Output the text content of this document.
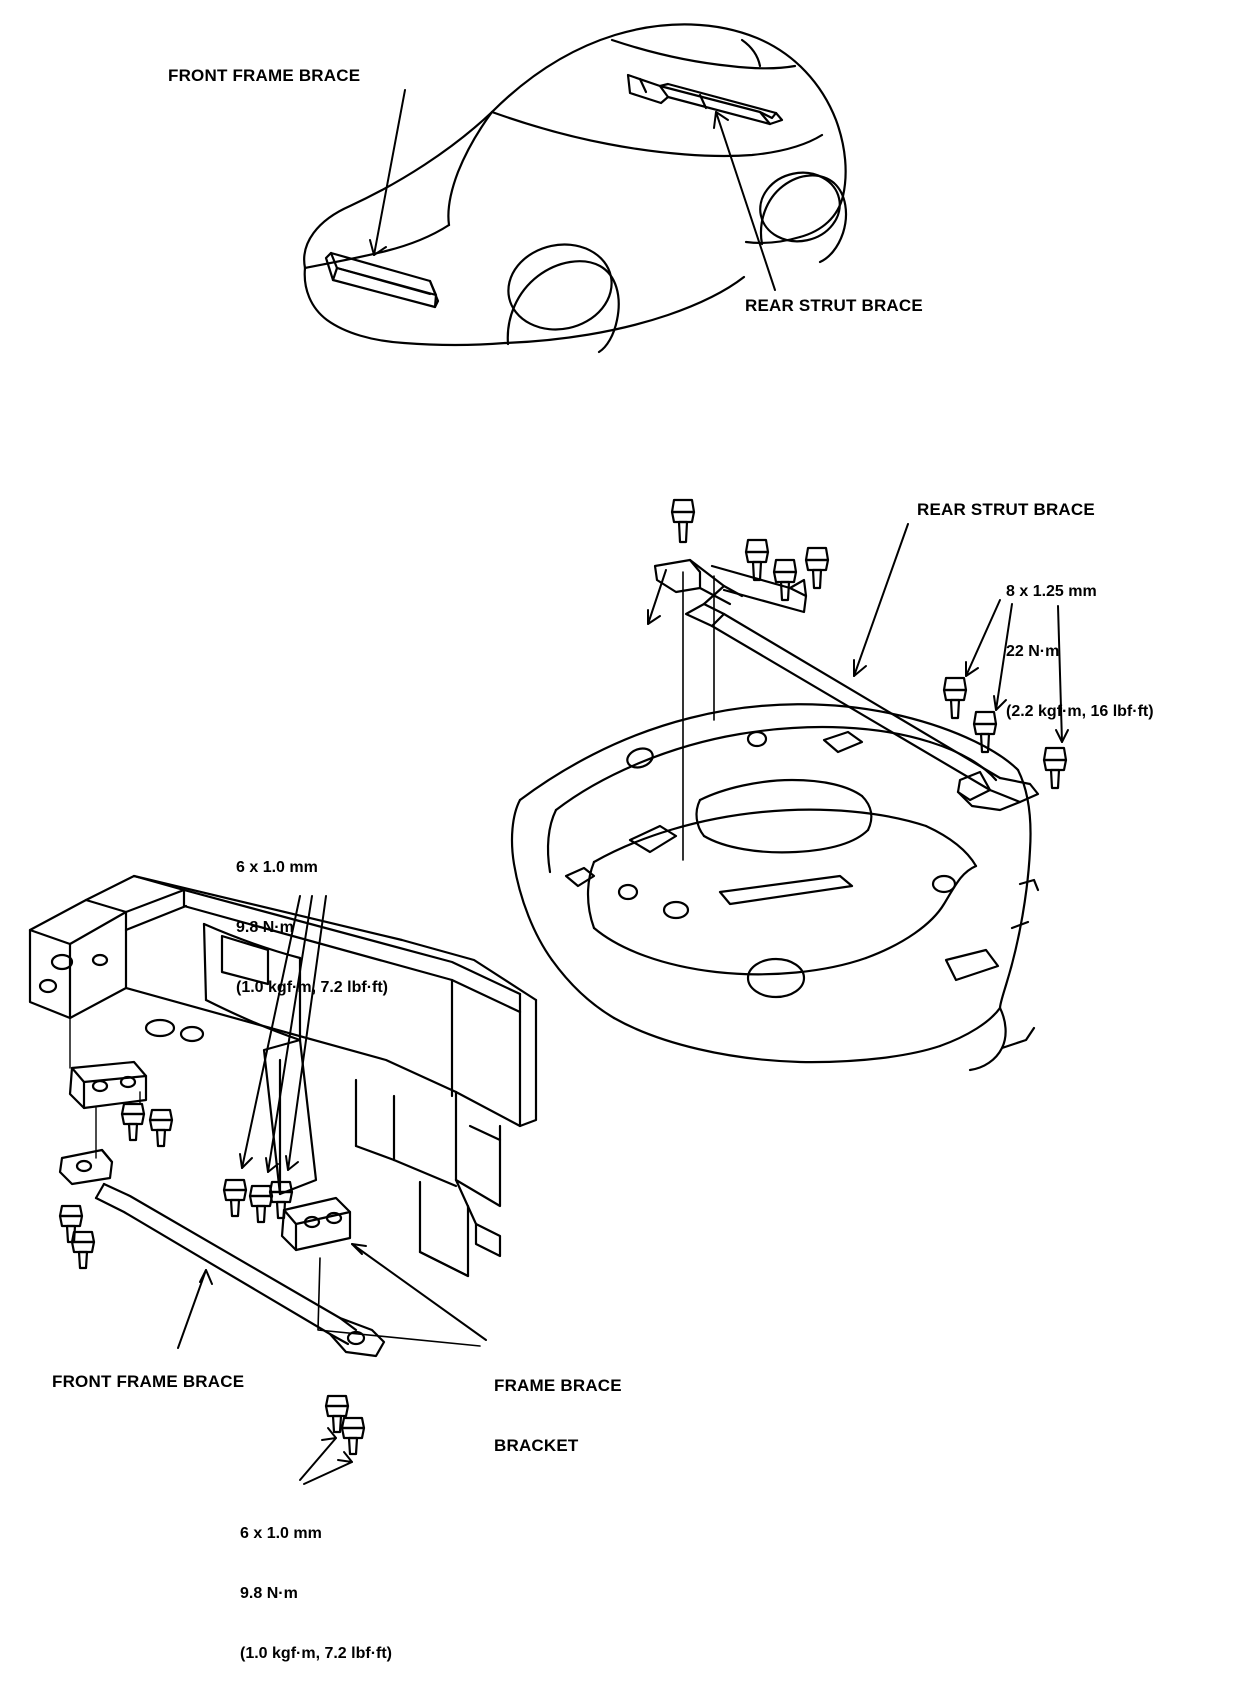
FRONT FRAME BRACE
REAR STRUT BRACE
REAR STRUT BRACE

8 x 1.25 mm

22 N·m

(2.2 kgf·m, 16 lbf·ft)

6 x 1.0 mm

9.8 N·m

(1.0 kgf·m, 7.2 lbf·ft)

FRAME BRACE

BRACKET

FRONT FRAME BRACE

6 x 1.0 mm

9.8 N·m

(1.0 kgf·m, 7.2 lbf·ft)
